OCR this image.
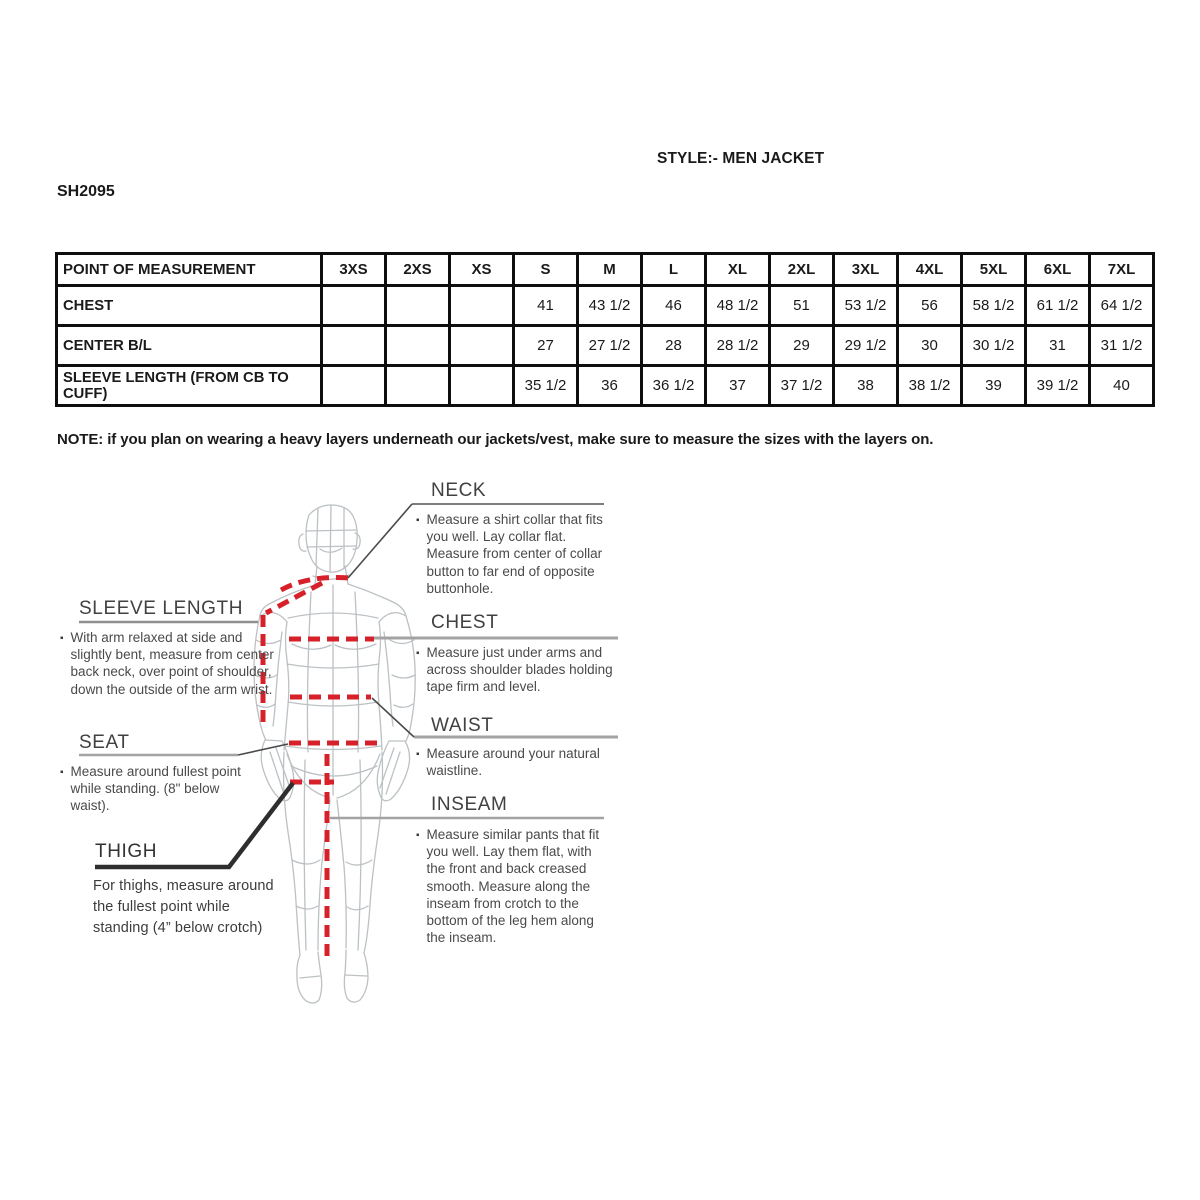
STYLE:- MEN JACKET
SH2095
POINT OF MEASUREMENT	3XS	2XS	XS	S	M	L	XL	2XL	3XL	4XL	5XL	6XL	7XL
CHEST				41	43 1/2	46	48 1/2	51	53 1/2	56	58 1/2	61 1/2	64 1/2
CENTER B/L				27	27 1/2	28	28 1/2	29	29 1/2	30	30 1/2	31	31 1/2
SLEEVE LENGTH (FROM CB TO CUFF)				35 1/2	36	36 1/2	37	37 1/2	38	38 1/2	39	39 1/2	40
NOTE: if you plan on wearing a heavy layers underneath our jackets/vest, make sure to measure the sizes with the layers on.
NECK
▪ Measure a shirt collar that fits you well. Lay collar flat. Measure from center of collar button to far end of opposite buttonhole.
CHEST
▪ Measure just under arms and across shoulder blades holding tape firm and level.
WAIST
▪ Measure around your natural waistline.
INSEAM
▪ Measure similar pants that fit you well. Lay them flat, with the front and back creased smooth. Measure along the inseam from crotch to the bottom of the leg hem along the inseam.
SLEEVE LENGTH
▪ With arm relaxed at side and slightly bent, measure from center back neck, over point of shoulder, down the outside of the arm wrist.
SEAT
▪ Measure around fullest point while standing. (8" below waist).
THIGH
For thighs, measure around the fullest point while standing (4” below crotch)
